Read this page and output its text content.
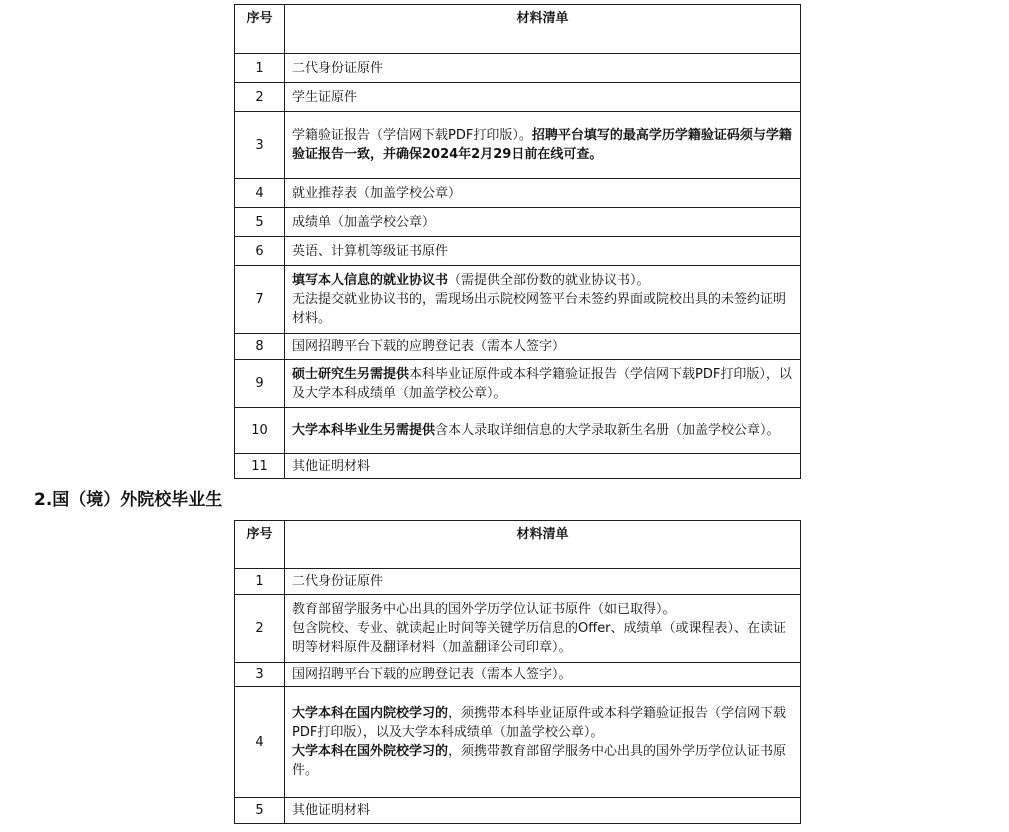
序号	材料清单
1	二代身份证原件
2	学生证原件
3	学籍验证报告（学信网下载PDF打印版）。招聘平台填写的最高学历学籍验证码须与学籍验证报告一致，并确保2024年2月29日前在线可查。
4	就业推荐表（加盖学校公章）
5	成绩单（加盖学校公章）
6	英语、计算机等级证书原件
7	填写本人信息的就业协议书（需提供全部份数的就业协议书）。
无法提交就业协议书的，需现场出示院校网签平台未签约界面或院校出具的未签约证明材料。
8	国网招聘平台下载的应聘登记表（需本人签字）
9	硕士研究生另需提供本科毕业证原件或本科学籍验证报告（学信网下载PDF打印版），以及大学本科成绩单（加盖学校公章）。
10	大学本科毕业生另需提供含本人录取详细信息的大学录取新生名册（加盖学校公章）。
11	其他证明材料
2.国（境）外院校毕业生
序号	材料清单
1	二代身份证原件
2	教育部留学服务中心出具的国外学历学位认证书原件（如已取得）。
包含院校、专业、就读起止时间等关键学历信息的Offer、成绩单（或课程表）、在读证明等材料原件及翻译材料（加盖翻译公司印章）。
3	国网招聘平台下载的应聘登记表（需本人签字）。
4	大学本科在国内院校学习的，须携带本科毕业证原件或本科学籍验证报告（学信网下载PDF打印版），以及大学本科成绩单（加盖学校公章）。
大学本科在国外院校学习的，须携带教育部留学服务中心出具的国外学历学位认证书原件。
5	其他证明材料
